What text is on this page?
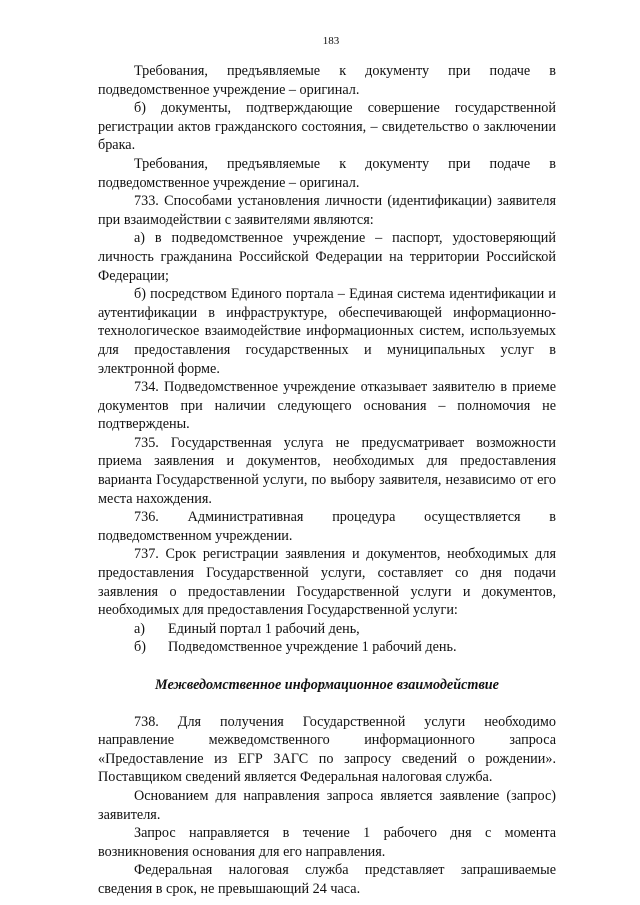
183

Требования, предъявляемые к документу при подаче в подведомственное учреждение – оригинал.

б) документы, подтверждающие совершение государственной регистрации актов гражданского состояния, – свидетельство о заключении брака.

Требования, предъявляемые к документу при подаче в подведомственное учреждение – оригинал.

733. Способами установления личности (идентификации) заявителя при взаимодействии с заявителями являются:

а) в подведомственное учреждение – паспорт, удостоверяющий личность гражданина Российской Федерации на территории Российской Федерации;

б) посредством Единого портала – Единая система идентификации и аутентификации в инфраструктуре, обеспечивающей информационно-технологическое взаимодействие информационных систем, используемых для предоставления государственных и муниципальных услуг в электронной форме.

734. Подведомственное учреждение отказывает заявителю в приеме документов при наличии следующего основания – полномочия не подтверждены.

735. Государственная услуга не предусматривает возможности приема заявления и документов, необходимых для предоставления варианта Государственной услуги, по выбору заявителя, независимо от его места нахождения.

736. Административная процедура осуществляется в подведомственном учреждении.

737. Срок регистрации заявления и документов, необходимых для предоставления Государственной услуги, составляет со дня подачи заявления о предоставлении Государственной услуги и документов, необходимых для предоставления Государственной услуги:

а)	Единый портал 1 рабочий день,
б)	Подведомственное учреждение 1 рабочий день.
Межведомственное информационное взаимодействие

738. Для получения Государственной услуги необходимо направление межведомственного информационного запроса «Предоставление из ЕГР ЗАГС по запросу сведений о рождении». Поставщиком сведений является Федеральная налоговая служба.

Основанием для направления запроса является заявление (запрос) заявителя.

Запрос направляется в течение 1 рабочего дня с момента возникновения основания для его направления.

Федеральная налоговая служба представляет запрашиваемые сведения в срок, не превышающий 24 часа.
